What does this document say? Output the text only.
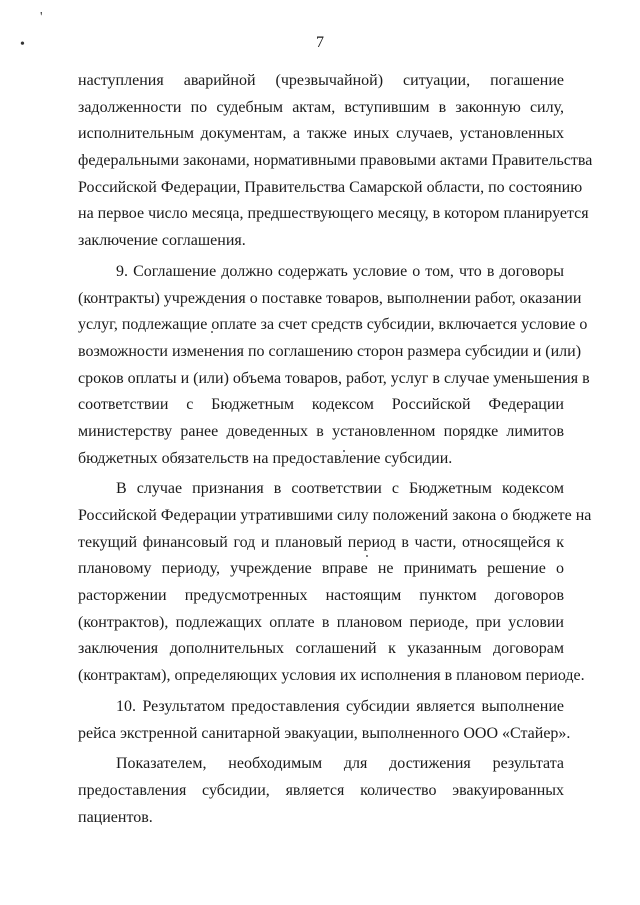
7
'
•
наступления аварийной (чрезвычайной) ситуации, погашение
задолженности по судебным актам, вступившим в законную силу,
исполнительным документам, а также иных случаев, установленных
федеральными законами, нормативными правовыми актами Правительства
Российской Федерации, Правительства Самарской области, по состоянию
на первое число месяца, предшествующего месяцу, в котором планируется
заключение соглашения.
9. Соглашение должно содержать условие о том, что в договоры
(контракты) учреждения о поставке товаров, выполнении работ, оказании
услуг, подлежащие оплате за счет средств субсидии, включается условие о
возможности изменения по соглашению сторон размера субсидии и (или)
сроков оплаты и (или) объема товаров, работ, услуг в случае уменьшения в
соответствии с Бюджетным кодексом Российской Федерации
министерству ранее доведенных в установленном порядке лимитов
бюджетных обязательств на предоставление субсидии.
В случае признания в соответствии с Бюджетным кодексом
Российской Федерации утратившими силу положений закона о бюджете на
текущий финансовый год и плановый период в части, относящейся к
плановому периоду, учреждение вправе не принимать решение о
расторжении предусмотренных настоящим пунктом договоров
(контрактов), подлежащих оплате в плановом периоде, при условии
заключения дополнительных соглашений к указанным договорам
(контрактам), определяющих условия их исполнения в плановом периоде.
10. Результатом предоставления субсидии является выполнение
рейса экстренной санитарной эвакуации, выполненного ООО «Стайер».
Показателем, необходимым для достижения результата
предоставления субсидии, является количество эвакуированных
пациентов.
